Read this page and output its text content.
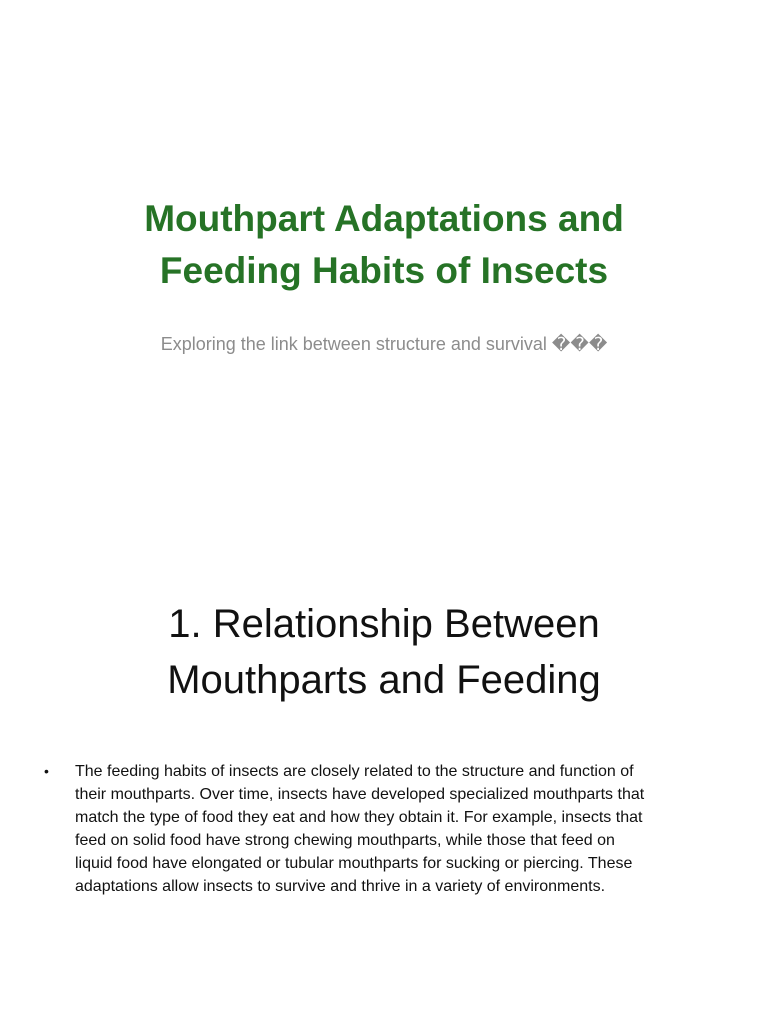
Mouthpart Adaptations and
Feeding Habits of Insects

Exploring the link between structure and survival ���

1. Relationship Between
Mouthparts and Feeding
• The feeding habits of insects are closely related to the structure and function of
their mouthparts. Over time, insects have developed specialized mouthparts that
match the type of food they eat and how they obtain it. For example, insects that
feed on solid food have strong chewing mouthparts, while those that feed on
liquid food have elongated or tubular mouthparts for sucking or piercing. These
adaptations allow insects to survive and thrive in a variety of environments.
